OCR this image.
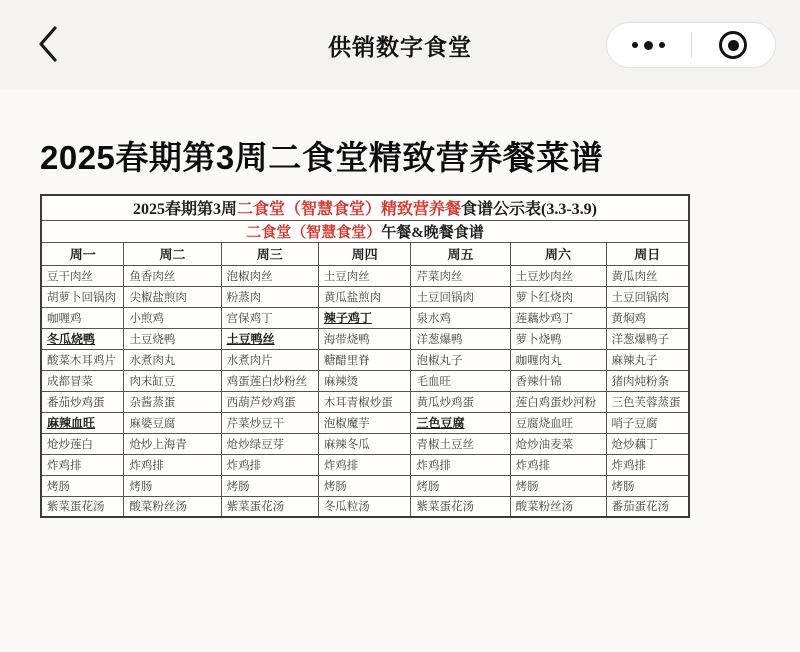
供销数字食堂
2025春期第3周二食堂精致营养餐菜谱
2025春期第3周二食堂（智慧食堂）精致营养餐食谱公示表(3.3-3.9)						
二食堂（智慧食堂）午餐&晚餐食谱						
周一	周二	周三	周四	周五	周六	周日
豆干肉丝	鱼香肉丝	泡椒肉丝	土豆肉丝	芹菜肉丝	土豆炒肉丝	黄瓜肉丝
胡萝卜回锅肉	尖椒盐煎肉	粉蒸肉	黄瓜盐煎肉	土豆回锅肉	萝卜红烧肉	土豆回锅肉
咖喱鸡	小煎鸡	宫保鸡丁	辣子鸡丁	泉水鸡	莲藕炒鸡丁	黄焖鸡
冬瓜烧鸭	土豆烧鸭	土豆鸭丝	海带烧鸭	洋葱爆鸭	萝卜烧鸭	洋葱爆鸭子
酸菜木耳鸡片	水煮肉丸	水煮肉片	糖醋里脊	泡椒丸子	咖喱肉丸	麻辣丸子
成都冒菜	肉末缸豆	鸡蛋莲白炒粉丝	麻辣烫	毛血旺	香辣什锦	猪肉炖粉条
番茄炒鸡蛋	杂酱蒸蛋	西葫芦炒鸡蛋	木耳青椒炒蛋	黄瓜炒鸡蛋	莲白鸡蛋炒河粉	三色芙蓉蒸蛋
麻辣血旺	麻婆豆腐	芹菜炒豆干	泡椒魔芋	三色豆腐	豆腐烧血旺	哨子豆腐
炝炒莲白	炝炒上海青	炝炒绿豆芽	麻辣冬瓜	青椒土豆丝	炝炒油麦菜	炝炒藕丁
炸鸡排	炸鸡排	炸鸡排	炸鸡排	炸鸡排	炸鸡排	炸鸡排
烤肠	烤肠	烤肠	烤肠	烤肠	烤肠	烤肠
紫菜蛋花汤	酸菜粉丝汤	紫菜蛋花汤	冬瓜粒汤	紫菜蛋花汤	酸菜粉丝汤	番茄蛋花汤
